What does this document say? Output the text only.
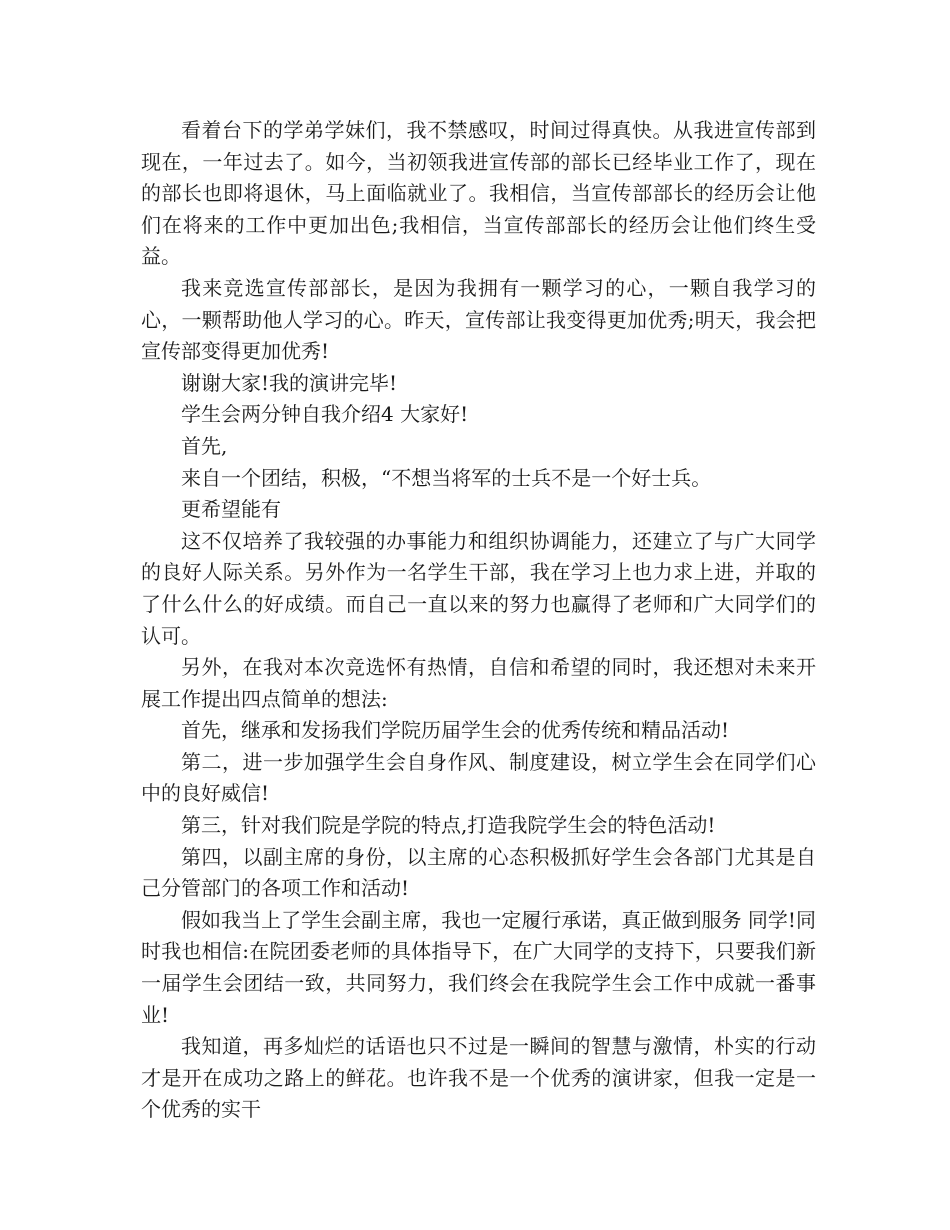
看着台下的学弟学妹们，我不禁感叹，时间过得真快。从我进宣传部到现在，一年过去了。如今，当初领我进宣传部的部长已经毕业工作了，现在的部长也即将退休，马上面临就业了。我相信，当宣传部部长的经历会让他们在将来的工作中更加出色;我相信，当宣传部部长的经历会让他们终生受益。

我来竞选宣传部部长，是因为我拥有一颗学习的心，一颗自我学习的心，一颗帮助他人学习的心。昨天，宣传部让我变得更加优秀;明天，我会把宣传部变得更加优秀!

谢谢大家!我的演讲完毕!

学生会两分钟自我介绍4 大家好!

首先,

来自一个团结，积极，“不想当将军的士兵不是一个好士兵。

更希望能有

这不仅培养了我较强的办事能力和组织协调能力，还建立了与广大同学的良好人际关系。另外作为一名学生干部，我在学习上也力求上进，并取的了什么什么的好成绩。而自己一直以来的努力也赢得了老师和广大同学们的认可。

另外，在我对本次竞选怀有热情，自信和希望的同时，我还想对未来开展工作提出四点简单的想法:

首先，继承和发扬我们学院历届学生会的优秀传统和精品活动!

第二，进一步加强学生会自身作风、制度建设，树立学生会在同学们心中的良好威信!

第三，针对我们院是学院的特点,打造我院学生会的特色活动!

第四，以副主席的身份，以主席的心态积极抓好学生会各部门尤其是自己分管部门的各项工作和活动!

假如我当上了学生会副主席，我也一定履行承诺，真正做到服务 同学!同时我也相信:在院团委老师的具体指导下，在广大同学的支持下，只要我们新一届学生会团结一致，共同努力，我们终会在我院学生会工作中成就一番事业!

我知道，再多灿烂的话语也只不过是一瞬间的智慧与激情，朴实的行动才是开在成功之路上的鲜花。也许我不是一个优秀的演讲家，但我一定是一个优秀的实干
